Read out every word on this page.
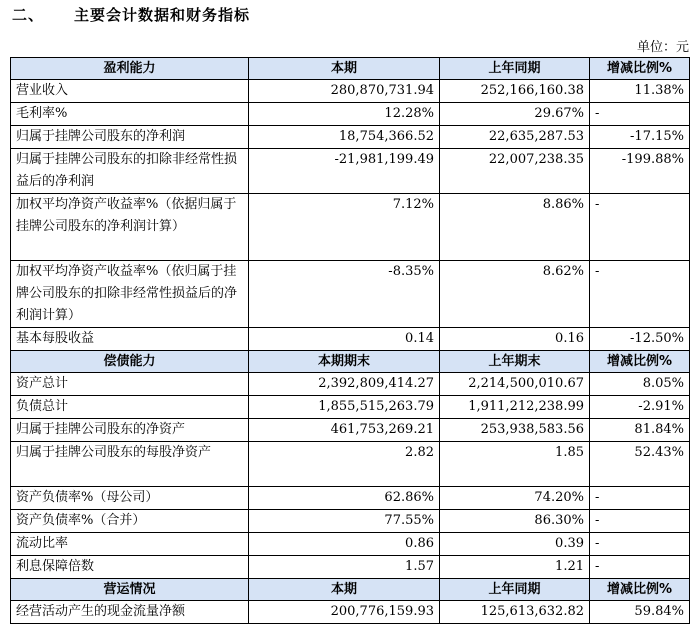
二、 主要会计数据和财务指标
单位：元
盈利能力	本期	上年同期	增减比例%
营业收入	280,870,731.94	252,166,160.38	11.38%
毛利率%	12.28%	29.67%	-
归属于挂牌公司股东的净利润	18,754,366.52	22,635,287.53	-17.15%
归属于挂牌公司股东的扣除非经常性损益后的净利润	-21,981,199.49	22,007,238.35	-199.88%
加权平均净资产收益率%（依据归属于挂牌公司股东的净利润计算）	7.12%	8.86%	-
加权平均净资产收益率%（依归属于挂牌公司股东的扣除非经常性损益后的净利润计算）	-8.35%	8.62%	-
基本每股收益	0.14	0.16	-12.50%
偿债能力	本期期末	上年期末	增减比例%
资产总计	2,392,809,414.27	2,214,500,010.67	8.05%
负债总计	1,855,515,263.79	1,911,212,238.99	-2.91%
归属于挂牌公司股东的净资产	461,753,269.21	253,938,583.56	81.84%
归属于挂牌公司股东的每股净资产	2.82	1.85	52.43%
资产负债率%（母公司）	62.86%	74.20%	-
资产负债率%（合并）	77.55%	86.30%	-
流动比率	0.86	0.39	-
利息保障倍数	1.57	1.21	-
营运情况	本期	上年同期	增减比例%
经营活动产生的现金流量净额	200,776,159.93	125,613,632.82	59.84%
